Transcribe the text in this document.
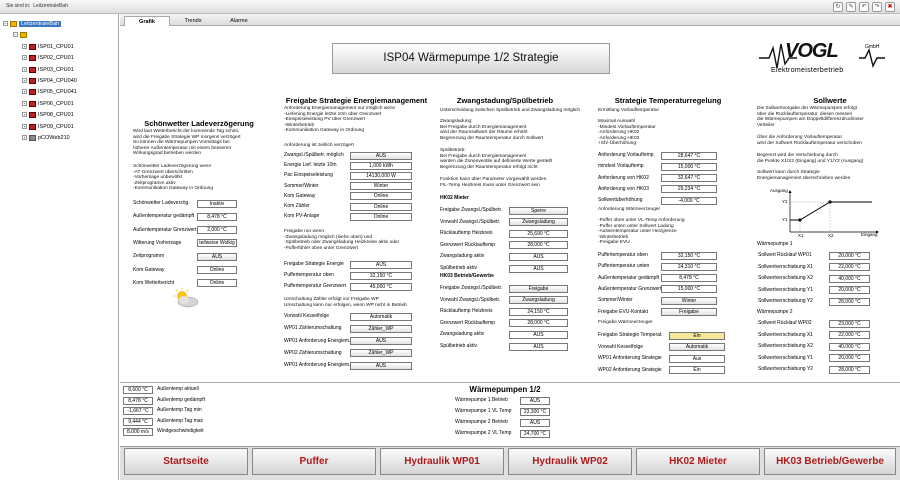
Sie sind in: LeitzentraleBah	↻	✎	↶	↷	✖
−	LeitzentraleBah
−
+ ISP01_CPU01
+ ISP02_CPU01
+ ISP03_CPU01
+ ISP04_CPU040
+ ISP05_CPU041
+ ISP06_CPU01
+ ISP08_CPU01
+ ISP09_CPU01
+ pCOWeb210
Grafik	Trends	Alarme
ISP04 Wärmepumpe 1/2 Strategie	VOGL	GmbH
Elektromeisterbetrieb
Schönwetter Ladeverzögerung
Wird laut Wetterbericht der kommende Tag schön,
wird die Freigabe Strategie WP morgens verzögert
So können die Wärmepumpen Vormittags bei
höherer Außentemperatur mit einem besseren
Wirkungsgrad betrieben werden
Schönwetter Ladeverzögerung wenn
-AT Grenzwert überschritten
-Vorhersage unbewölkt
-Zeitprogramm aktiv
-Kommunikation Gateway in Ordnung
Schönwetter Ladeverzög.	Inaktiv
Außentemperatur gedämpft	8,478 °C
Außentemperatur Grenzwert	2,000 °C
Witterung Vorhersage	teilweise Wolkig
Zeitprogramm	AUS
Kom Gateway	Online
Kom Wetterbericht	Online
Freigabe Strategie Energiemanagement
Anforderung Energiemanagement nur möglich wenn
-Lieferung Energie letzte 10m über Grenzwert
-Einspeiseleistung PV über Grenzwert
-Winterbetrieb
-Kommunikation Gateway in Ordnung
Anforderung ist zeitlich verzögert
Zwangsl./Spülbetr. möglich	AUS
Energie Lief. letzte 10m	1,000 kWh
Pac Einspeiseleistung	14130,000 W
Sommer/Winter	Winter
Kom Gateway	Online
Kom Zähler	Online
Kom PV-Anlage	Online
Freigabe nur wenn
-Zwangsladung möglich (siehe oben) und
-Spülbetrieb oder Zwangsladung Heizkreise aktiv oder
-Pufferfühler oben unter Grenzwert
Freigabe Strategie Energie	AUS
Puffertemperatur oben	32,150 °C
Puffertemperatur Grenzwert	45,000 °C
Umschaltung Zähler erfolgt vor Freigabe WP
Umschaltung kann nur erfolgen, wenn WP nicht in Betrieb
Vorwahl Kesselfolge	Automatik
WP01 Zählerumschaltung	Zähler_WP
WP01 Anforderung Energiem.	AUS
WP02 Zählerumschaltung	Zähler_WP
WP01 Anforderung Energiem.	AUS
Zwangstadung/Spülbetrieb
Unterscheidung zwischen Spülbetrieb und Zwangsladung möglich
Zwangsladung:
Bei Freigabe durch Energiemanagement
wird der Raumsollwert der Räume erhöht
Begrenzung der Raumtemperatur durch Sollwert
Spülbetrieb:
Bei Freigabe durch Energiemanagement
werden die Zonenventile auf definierte Werte gestellt
Begrenzung der Raumtemperatur erfolgt nicht
Funktion kann über Parameter vorgewählt werden
FIL-Temp Heizkreis muss unter Grenzwert sein
HK02 Mieter
Freigabe Zwangsl./Spülbetr.	Sperre
Vorwahl Zwangsl./Spülbetr.	Zwangsladung
Rücklauftemp Heizkreis	25,690 °C
Grenzwert Rücklauftemp	28,000 °C
Zwangsladung aktiv	AUS
Spülbetrieb aktiv	AUS
HK03 Betrieb/Gewerbe
Freigabe Zwangsl./Spülbetr.	Freigabe
Vorwahl Zwangsl./Spülbetr.	Zwangsladung
Rücklauftemp Heizkreis	24,150 °C
Grenzwert Rücklauftemp	28,000 °C
Zwangsladung aktiv	AUS
Spülbetrieb aktiv	AUS
Strategie Temperaturregelung
Ermittlung Vorlauftemperatur
Maximal Auswahl
-Mindest Vorlauftemperatur
-Anforderung HK02
-Anforderung HK03
+Sh/-Überhöhung
Anforderung Vorlauftemp	28,647 °C
mindest Vorlauftemp	15,000 °C
Anforderung von HK02	32,647 °C
Anforderung von HK03	29,234 °C
Sollwertüberhöhung	-4,000 °C
Anforderung Wärmeerzeuger
-Puffer oben unter VL-Temp Anforderung
-Puffer unten unter Sollwert Ladung
-Aussentemperatur unter Heizgrenze
-Winterbetrieb
-Freigabe EVU
Puffertemperatur oben	32,150 °C
Puffertemperatur unten	24,310 °C
Außentemperatur gedämpft	8,478 °C
Außentemperatur Grenzwert	15,000 °C
Sommer/Winter	Winter
Freigabe EVU-Kontakt	Freigabe
Freigabe Wärmeerzeuger
Freigabe Strategie Temperat.	Ein
Vorwahl Kesselfolge	Automatik
WP01 Anforderung Strategie	Aus
WP02 Anforderung Strategie	Ein
Sollwerte
Die Sollwertvorgabe der Wärmepumpen erfolgt
über die Rücklauftemperatur, diesen messen
die Wärmepumpen am Doppeltdifferenzdruckloser
Verteiler
Über die Anforderung Vorlauftemperatur
wird der Sollwert Rücklauftemperatur verschoben
Begrenzt wird die Verschiebung durch
die Punkte X1/X2 (Eingang) und Y1/Y2 (Ausgang)
Sollwert kann durch Strategie
Energiemanagement überschrieben werden
Ausgang
Eingang
Y2
Y1
X1	X2
Wärmepumpe 1
Sollwert Rücklauf WP01	20,000 °C
Sollwertverschiebung X1	22,000 °C
Sollwertverschiebung X2	40,000 °C
Sollwertverschiebung Y1	20,000 °C
Sollwertverschiebung Y2	28,000 °C
Wärmepumpe 2
Sollwert Rücklauf WP02	23,000 °C
Sollwertverschiebung X1	22,000 °C
Sollwertverschiebung X2	40,000 °C
Sollwertverschiebung Y1	20,000 °C
Sollwertverschiebung Y2	28,000 °C
8,600 °C	Außentemp aktuell
8,478 °C	Außentemp gedämpft
-1,667 °C	Außentemp Tag min
9,444 °C	Außentemp Tag max
8,000 m/s	Windgeschwindigkeit
Wärmepumpen 1/2
Wärmepumpe 1 Betrieb	AUS
Wärmepumpe 1 VL Temp	23,300 °C
Wärmepumpe 2 Betrieb	AUS
Wärmepumpe 2 VL Temp	24,700 °C
Startseite	Puffer	Hydraulik WP01	Hydraulik WP02	HK02 Mieter	HK03 Betrieb/Gewerbe
